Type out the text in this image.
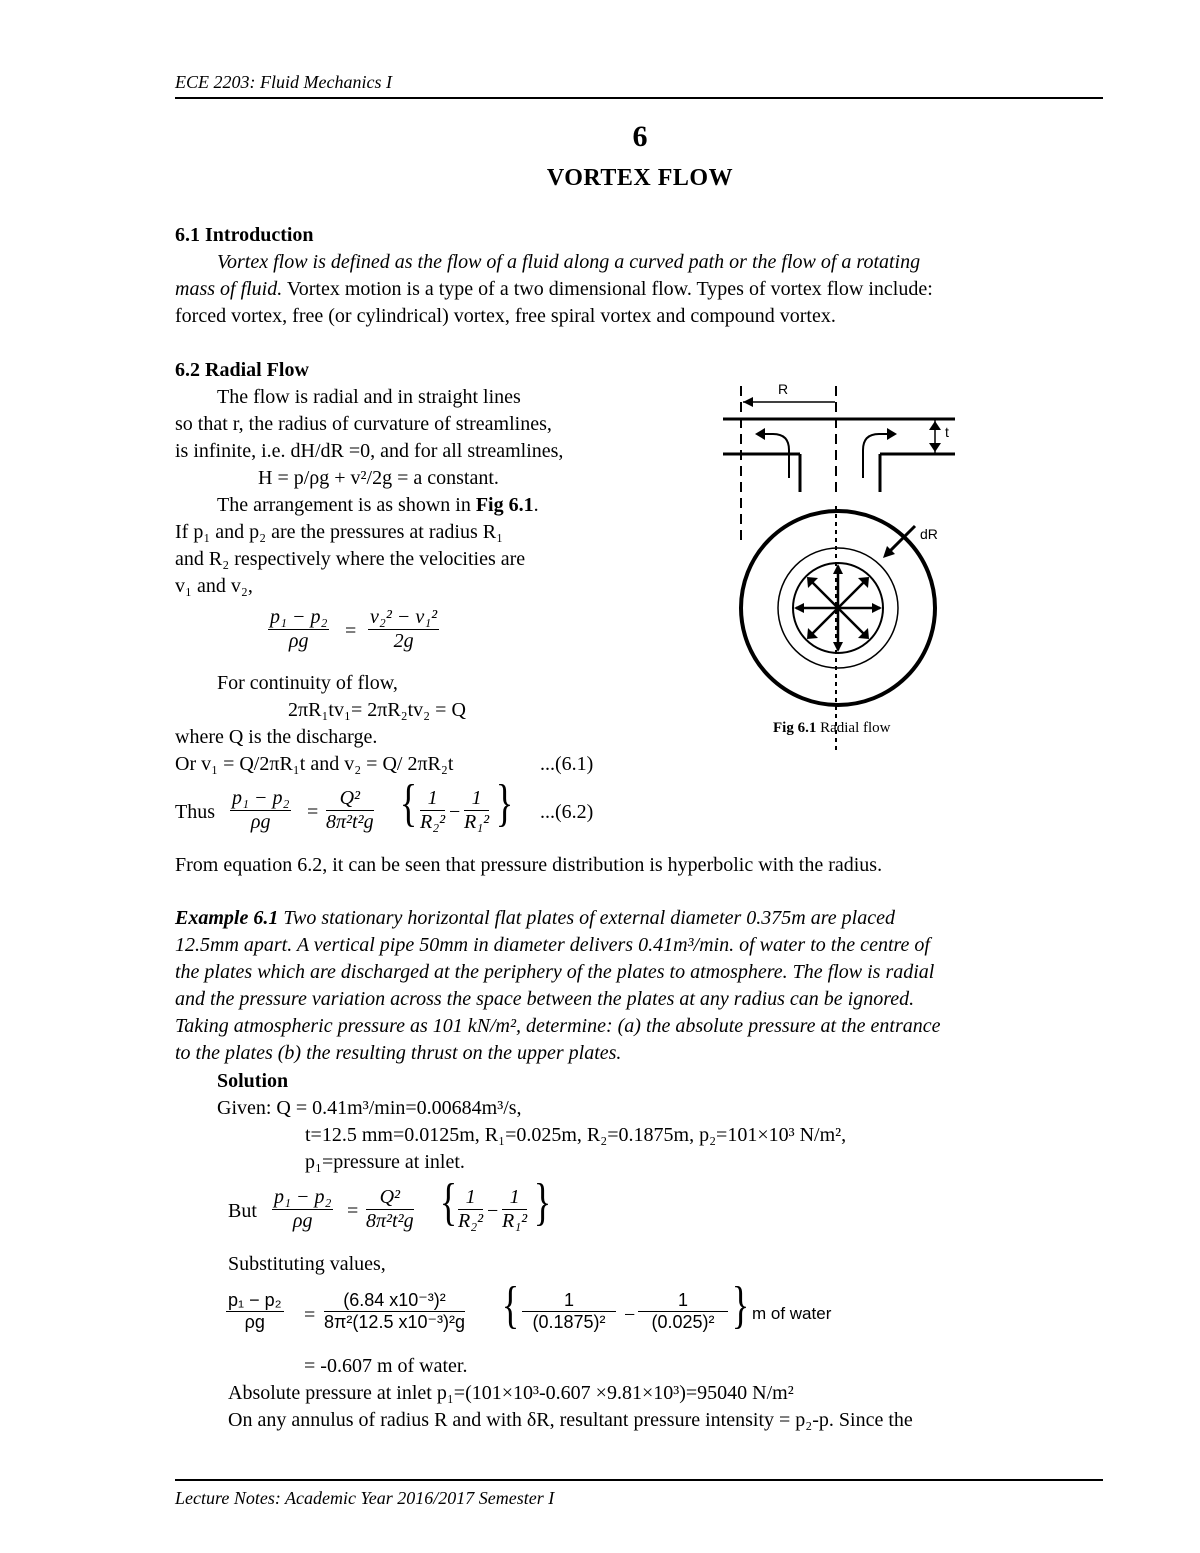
ECE 2203: Fluid Mechanics I
6
VORTEX FLOW
6.1 Introduction
Vortex flow is defined as the flow of a fluid along a curved path or the flow of a rotating
mass of fluid. Vortex motion is a type of a two dimensional flow. Types of vortex flow include:
forced vortex, free (or cylindrical) vortex, free spiral vortex and compound vortex.
6.2 Radial Flow
The flow is radial and in straight lines
so that r, the radius of curvature of streamlines,
is infinite, i.e. dH/dR =0, and for all streamlines,
H = p/ρg + v²/2g = a constant.
The arrangement is as shown in Fig 6.1.
If p₁ and p₂ are the pressures at radius R₁
and R₂ respectively where the velocities are
v₁ and v₂,
$\frac{\text{p₁ − p₂}}{\rho g} = \frac{\text{v₂² − v₁²}}{2g}$
For continuity of flow,
2πR₁tv₁= 2πR₂tv₂ = Q
where Q is the discharge.
Or v₁ = Q/2πR₁t and v₂ = Q/ 2πR₂t	...(6.1)
Thus $\frac{\text{p₁ − p₂}}{\rho g} = \frac{\text{Q²}}{\text{8π²t²g}}$ { $\frac{1}{\text{R₂²}} - \frac{1}{\text{R₁²}}$ } ...(6.2)
From equation 6.2, it can be seen that pressure distribution is hyperbolic with the radius.
R
t
dR
Fig 6.1 Radial flow
Example 6.1 Two stationary horizontal flat plates of external diameter 0.375m are placed
12.5mm apart. A vertical pipe 50mm in diameter delivers 0.41m³/min. of water to the centre of
the plates which are discharged at the periphery of the plates to atmosphere. The flow is radial
and the pressure variation across the space between the plates at any radius can be ignored.
Taking atmospheric pressure as 101 kN/m², determine: (a) the absolute pressure at the entrance
to the plates (b) the resulting thrust on the upper plates.
Solution
Given: Q = 0.41m³/min=0.00684m³/s,
t=12.5 mm=0.0125m, R₁=0.025m, R₂=0.1875m, p₂=101×10³ N/m²,
p₁=pressure at inlet.
But $\frac{\text{p₁ − p₂}}{\rho g} = \frac{\text{Q²}}{\text{8π²t²g}}$ { $\frac{1}{\text{R₂²}} - \frac{1}{\text{R₁²}}$ }
Substituting values,
$\frac{\text{p₁ − p₂}}{\rho g} = \frac{\text{(6.84 x10⁻³)²}}{\text{8π²(12.5 x10⁻³)²g}}$ { $\frac{1}{\text{(0.1875)²}} - \frac{1}{\text{(0.025)²}}$ } m of water
= -0.607 m of water.
Absolute pressure at inlet p₁=(101×10³-0.607 ×9.81×10³)=95040 N/m²
On any annulus of radius R and with δR, resultant pressure intensity = p₂-p. Since the
Lecture Notes: Academic Year 2016/2017 Semester I
